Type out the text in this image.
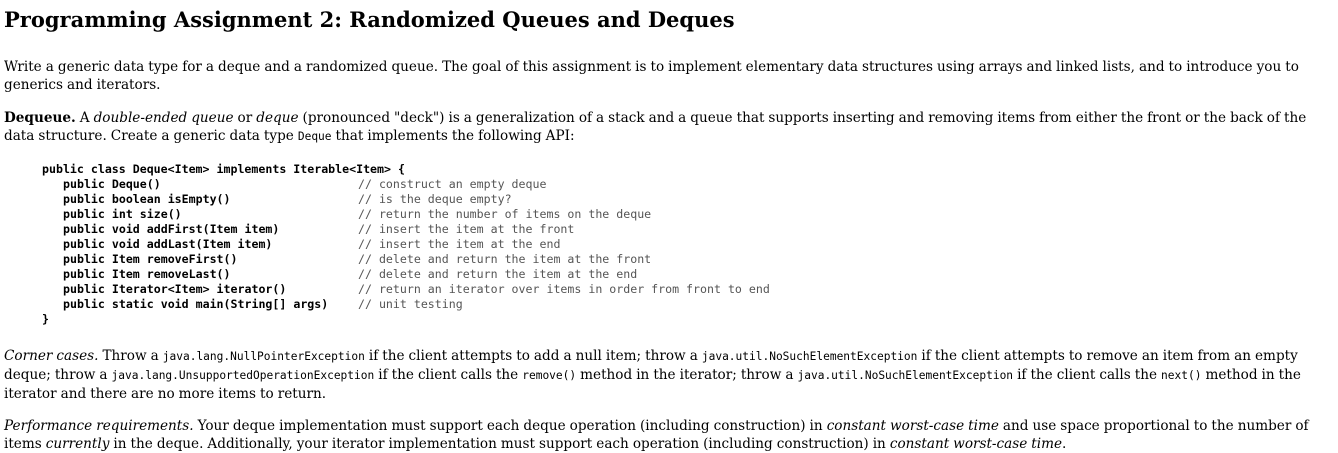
Programming Assignment 2: Randomized Queues and Deques

Write a generic data type for a deque and a randomized queue. The goal of this assignment is to implement elementary data structures using arrays and linked lists, and to introduce you to generics and iterators.

Dequeue. A double-ended queue or deque (pronounced "deck") is a generalization of a stack and a queue that supports inserting and removing items from either the front or the back of the data structure. Create a generic data type Deque that implements the following API:

public class Deque<Item> implements Iterable<Item> {
public Deque()	// construct an empty deque
public boolean isEmpty()	// is the deque empty?
public int size()	// return the number of items on the deque
public void addFirst(Item item)	// insert the item at the front
public void addLast(Item item)	// insert the item at the end
public Item removeFirst()	// delete and return the item at the front
public Item removeLast()	// delete and return the item at the end
public Iterator<Item> iterator()	// return an iterator over items in order from front to end
public static void main(String[] args)	// unit testing
}

Corner cases. Throw a java.lang.NullPointerException if the client attempts to add a null item; throw a java.util.NoSuchElementException if the client attempts to remove an item from an empty deque; throw a java.lang.UnsupportedOperationException if the client calls the remove() method in the iterator; throw a java.util.NoSuchElementException if the client calls the next() method in the iterator and there are no more items to return.

Performance requirements. Your deque implementation must support each deque operation (including construction) in constant worst-case time and use space proportional to the number of items currently in the deque. Additionally, your iterator implementation must support each operation (including construction) in constant worst-case time.
